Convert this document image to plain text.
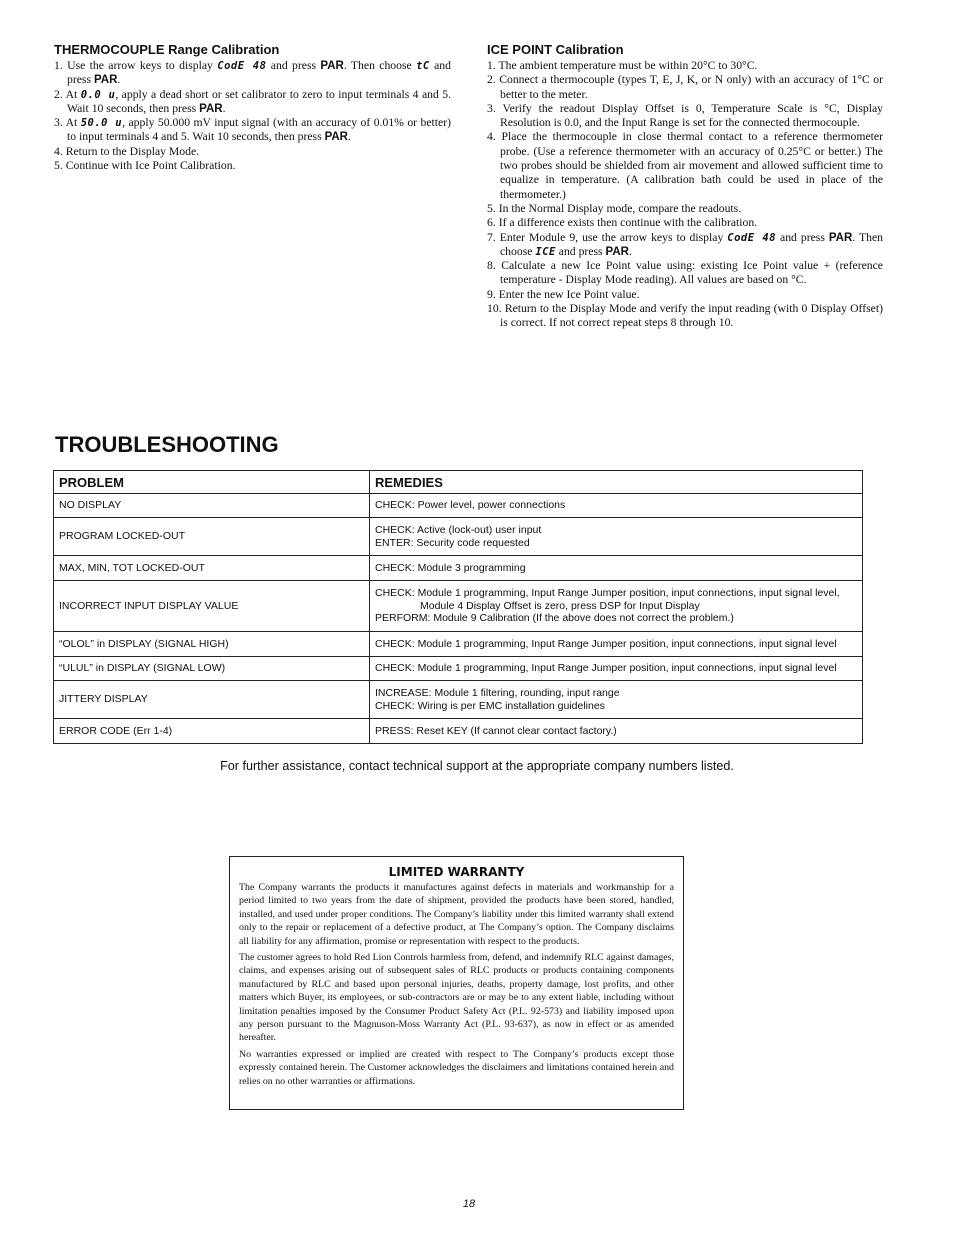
THERMOCOUPLE Range Calibration
1. Use the arrow keys to display CodE 48 and press PAR. Then choose tC and press PAR.
2. At 0.0 u, apply a dead short or set calibrator to zero to input terminals 4 and 5. Wait 10 seconds, then press PAR.
3. At 50.0 u, apply 50.000 mV input signal (with an accuracy of 0.01% or better) to input terminals 4 and 5. Wait 10 seconds, then press PAR.
4. Return to the Display Mode.
5. Continue with Ice Point Calibration.
ICE POINT Calibration
1. The ambient temperature must be within 20°C to 30°C.
2. Connect a thermocouple (types T, E, J, K, or N only) with an accuracy of 1°C or better to the meter.
3. Verify the readout Display Offset is 0, Temperature Scale is °C, Display Resolution is 0.0, and the Input Range is set for the connected thermocouple.
4. Place the thermocouple in close thermal contact to a reference thermometer probe. (Use a reference thermometer with an accuracy of 0.25°C or better.) The two probes should be shielded from air movement and allowed sufficient time to equalize in temperature. (A calibration bath could be used in place of the thermometer.)
5. In the Normal Display mode, compare the readouts.
6. If a difference exists then continue with the calibration.
7. Enter Module 9, use the arrow keys to display CodE 48 and press PAR. Then choose ICE and press PAR.
8. Calculate a new Ice Point value using: existing Ice Point value + (reference temperature - Display Mode reading). All values are based on °C.
9. Enter the new Ice Point value.
10. Return to the Display Mode and verify the input reading (with 0 Display Offset) is correct. If not correct repeat steps 8 through 10.
TROUBLESHOOTING
PROBLEM	REMEDIES
NO DISPLAY	CHECK: Power level, power connections

PROGRAM LOCKED-OUT	CHECK: Active (lock-out) user input
ENTER: Security code requested

MAX, MIN, TOT LOCKED-OUT	CHECK: Module 3 programming

INCORRECT INPUT DISPLAY VALUE	CHECK: Module 1 programming, Input Range Jumper position, input connections, input signal level,
Module 4 Display Offset is zero, press DSP for Input Display
PERFORM: Module 9 Calibration (If the above does not correct the problem.)

“OLOL” in DISPLAY (SIGNAL HIGH)	CHECK: Module 1 programming, Input Range Jumper position, input connections, input signal level

“ULUL” in DISPLAY (SIGNAL LOW)	CHECK: Module 1 programming, Input Range Jumper position, input connections, input signal level

JITTERY DISPLAY	INCREASE: Module 1 filtering, rounding, input range
CHECK: Wiring is per EMC installation guidelines

ERROR CODE (Err 1-4)	PRESS: Reset KEY (If cannot clear contact factory.)
For further assistance, contact technical support at the appropriate company numbers listed.
LIMITED WARRANTY

The Company warrants the products it manufactures against defects in materials and workmanship for a period limited to two years from the date of shipment, provided the products have been stored, handled, installed, and used under proper conditions. The Company’s liability under this limited warranty shall extend only to the repair or replacement of a defective product, at The Company’s option. The Company disclaims all liability for any affirmation, promise or representation with respect to the products.

The customer agrees to hold Red Lion Controls harmless from, defend, and indemnify RLC against damages, claims, and expenses arising out of subsequent sales of RLC products or products containing components manufactured by RLC and based upon personal injuries, deaths, property damage, lost profits, and other matters which Buyer, its employees, or sub-contractors are or may be to any extent liable, including without limitation penalties imposed by the Consumer Product Safety Act (P.L. 92-573) and liability imposed upon any person pursuant to the Magnuson-Moss Warranty Act (P.L. 93-637), as now in effect or as amended hereafter.

No warranties expressed or implied are created with respect to The Company’s products except those expressly contained herein. The Customer acknowledges the disclaimers and limitations contained herein and relies on no other warranties or affirmations.

18
